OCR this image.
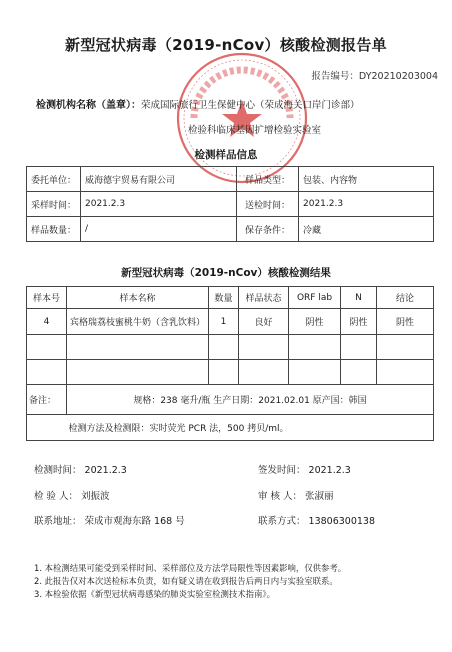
新型冠状病毒（2019-nCov）核酸检测报告单
报告编号：DY20210203004
检测机构名称（盖章）：荣成国际旅行卫生保健中心（荣成海关口岸门诊部）
检验科临床基因扩增检验实验室
检测样品信息
委托单位：	威海德宇贸易有限公司	样品类型：	包装、内容物
采样时间：	2021.2.3	送检时间：	2021.2.3
样品数量：	/	保存条件：	冷藏
新型冠状病毒（2019-nCov）核酸检测结果
样本号	样本名称	数量	样品状态	ORF lab	N	结论
4	宾格瑞荔枝蜜桃牛奶（含乳饮料）	1	良好	阴性	阴性	阴性

备注：	规格：238 毫升/瓶 生产日期：2021.02.01 原产国：韩国					
	检测方法及检测限：实时荧光 PCR 法，500 拷贝/ml。					
检测时间： 2021.2.3	签发时间： 2021.2.3
检 验 人： 刘振波	审 核 人： 张淑丽
联系地址： 荣成市观海东路 168 号	联系方式： 13806300138
1. 本检测结果可能受到采样时间、采样部位及方法学局限性等因素影响，仅供参考。
2. 此报告仅对本次送检标本负责，如有疑义请在收到报告后两日内与实验室联系。
3. 本检验依据《新型冠状病毒感染的肺炎实验室检测技术指南》。
